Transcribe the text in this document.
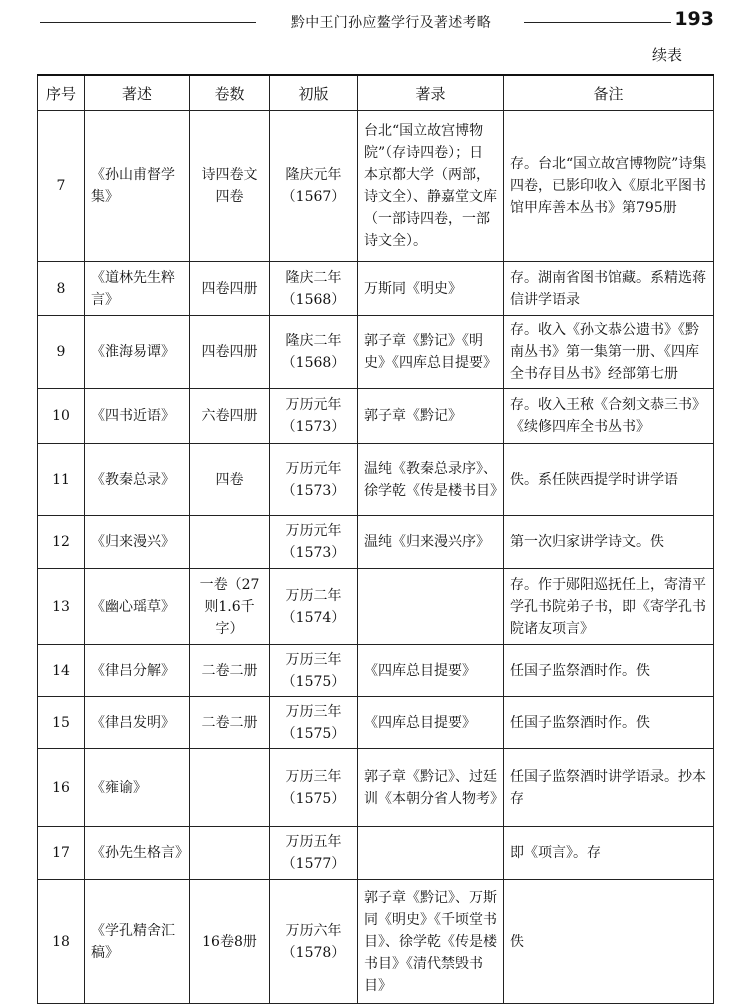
黔中王门孙应鳌学行及著述考略	193
续表
序号	著述	卷数	初版	著录	备注
7	《孙山甫督学集》	诗四卷文四卷	隆庆元年（1567）	台北“国立故宫博物院”（存诗四卷）；日本京都大学（两部，诗文全）、静嘉堂文库（一部诗四卷，一部诗文全）。	存。台北“国立故宫博物院”诗集四卷，已影印收入《原北平图书馆甲库善本丛书》第795册
8	《道林先生粹言》	四卷四册	隆庆二年（1568）	万斯同《明史》	存。湖南省图书馆藏。系精选蒋信讲学语录
9	《淮海易谭》	四卷四册	隆庆二年（1568）	郭子章《黔记》《明史》《四库总目提要》	存。收入《孙文恭公遗书》《黔南丛书》第一集第一册、《四库全书存目丛书》经部第七册
10	《四书近语》	六卷四册	万历元年（1573）	郭子章《黔记》	存。收入王秾《合刻文恭三书》《续修四库全书丛书》
11	《教秦总录》	四卷	万历元年（1573）	温纯《教秦总录序》、徐学乾《传是楼书目》	佚。系任陕西提学时讲学语
12	《归来漫兴》		万历元年（1573）	温纯《归来漫兴序》	第一次归家讲学诗文。佚
13	《幽心瑶草》	一卷（27则1.6千字）	万历二年（1574）		存。作于郧阳巡抚任上，寄清平学孔书院弟子书，即《寄学孔书院诸友项言》
14	《律吕分解》	二卷二册	万历三年（1575）	《四库总目提要》	任国子监祭酒时作。佚
15	《律吕发明》	二卷二册	万历三年（1575）	《四库总目提要》	任国子监祭酒时作。佚
16	《雍谕》		万历三年（1575）	郭子章《黔记》、过廷训《本朝分省人物考》	任国子监祭酒时讲学语录。抄本存
17	《孙先生格言》		万历五年（1577）		即《项言》。存
18	《学孔精舍汇稿》	16卷8册	万历六年（1578）	郭子章《黔记》、万斯同《明史》《千顷堂书目》、徐学乾《传是楼书目》《清代禁毁书目》	佚
